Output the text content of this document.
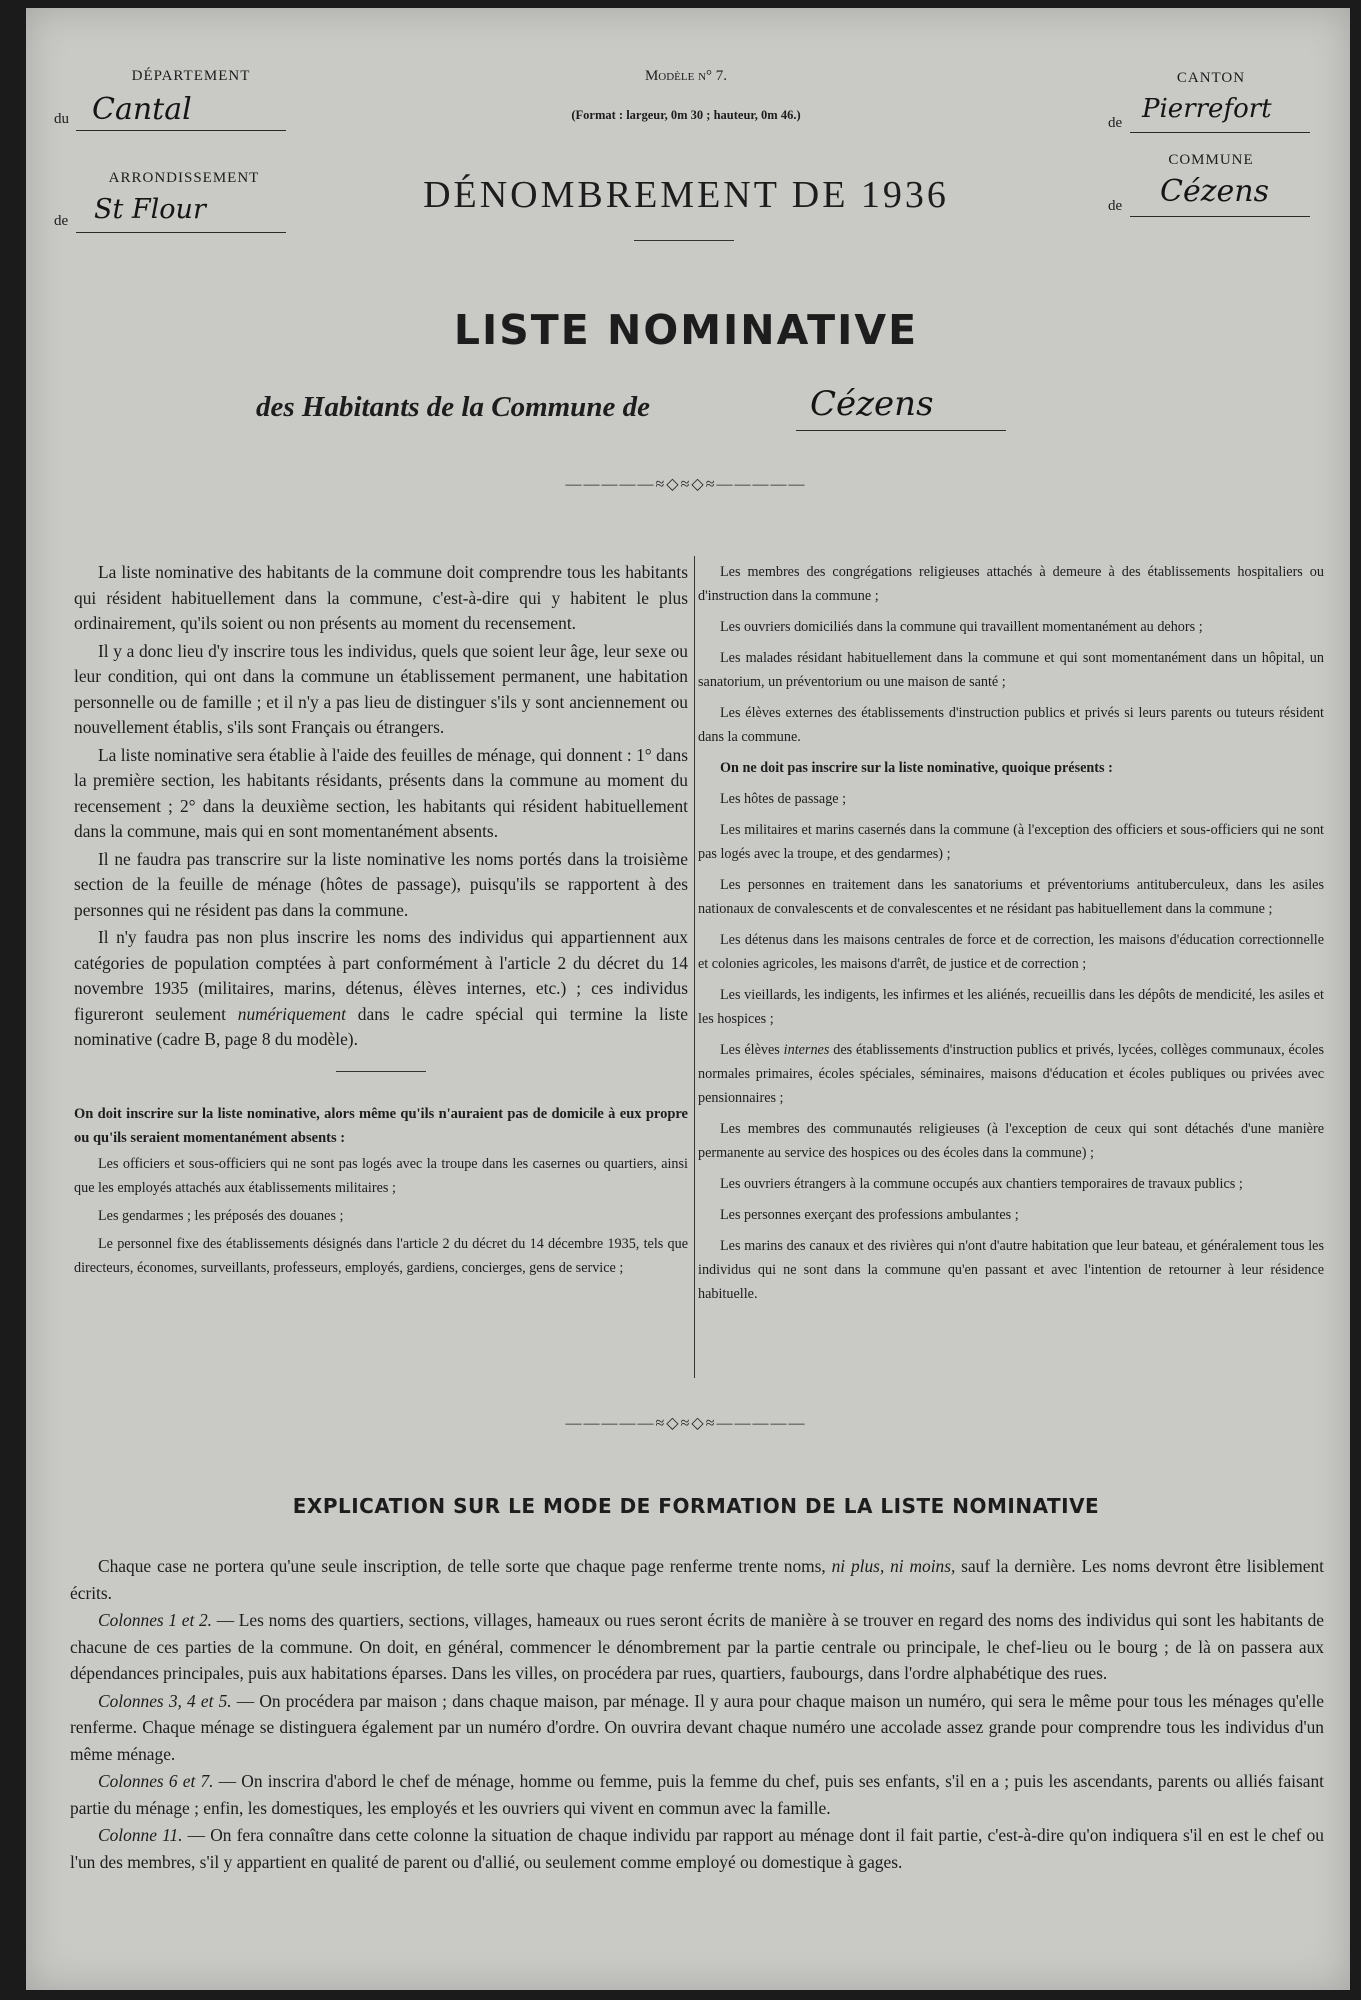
DÉPARTEMENT
du Cantal
ARRONDISSEMENT
de St Flour
Modèle n° 7.
(Format : largeur, 0m 30 ; hauteur, 0m 46.)
CANTON
de Pierrefort
COMMUNE
de Cézens
DÉNOMBREMENT DE 1936
LISTE NOMINATIVE
des Habitants de la Commune de	Cézens
—————≈◇≈◇≈—————

La liste nominative des habitants de la commune doit comprendre tous les habitants qui résident habituellement dans la commune, c'est-à-dire qui y habitent le plus ordinairement, qu'ils soient ou non présents au moment du recensement.

Il y a donc lieu d'y inscrire tous les individus, quels que soient leur âge, leur sexe ou leur condition, qui ont dans la commune un établissement permanent, une habitation personnelle ou de famille ; et il n'y a pas lieu de distinguer s'ils y sont anciennement ou nouvellement établis, s'ils sont Français ou étrangers.

La liste nominative sera établie à l'aide des feuilles de ménage, qui donnent : 1° dans la première section, les habitants résidants, présents dans la commune au moment du recensement ; 2° dans la deuxième section, les habitants qui résident habituellement dans la commune, mais qui en sont momentanément absents.

Il ne faudra pas transcrire sur la liste nominative les noms portés dans la troisième section de la feuille de ménage (hôtes de passage), puisqu'ils se rapportent à des personnes qui ne résident pas dans la commune.

Il n'y faudra pas non plus inscrire les noms des individus qui appartiennent aux catégories de population comptées à part conformément à l'article 2 du décret du 14 novembre 1935 (militaires, marins, détenus, élèves internes, etc.) ; ces individus figureront seulement numériquement dans le cadre spécial qui termine la liste nominative (cadre B, page 8 du modèle).

On doit inscrire sur la liste nominative, alors même qu'ils n'auraient pas de domicile à eux propre ou qu'ils seraient momentanément absents :

Les officiers et sous-officiers qui ne sont pas logés avec la troupe dans les casernes ou quartiers, ainsi que les employés attachés aux établissements militaires ;

Les gendarmes ; les préposés des douanes ;

Le personnel fixe des établissements désignés dans l'article 2 du décret du 14 décembre 1935, tels que directeurs, économes, surveillants, professeurs, employés, gardiens, concierges, gens de service ;

Les membres des congrégations religieuses attachés à demeure à des établissements hospitaliers ou d'instruction dans la commune ;

Les ouvriers domiciliés dans la commune qui travaillent momentanément au dehors ;

Les malades résidant habituellement dans la commune et qui sont momentanément dans un hôpital, un sanatorium, un préventorium ou une maison de santé ;

Les élèves externes des établissements d'instruction publics et privés si leurs parents ou tuteurs résident dans la commune.

On ne doit pas inscrire sur la liste nominative, quoique présents :

Les hôtes de passage ;

Les militaires et marins casernés dans la commune (à l'exception des officiers et sous-officiers qui ne sont pas logés avec la troupe, et des gendarmes) ;

Les personnes en traitement dans les sanatoriums et préventoriums antituberculeux, dans les asiles nationaux de convalescents et de convalescentes et ne résidant pas habituellement dans la commune ;

Les détenus dans les maisons centrales de force et de correction, les maisons d'éducation correctionnelle et colonies agricoles, les maisons d'arrêt, de justice et de correction ;

Les vieillards, les indigents, les infirmes et les aliénés, recueillis dans les dépôts de mendicité, les asiles et les hospices ;

Les élèves internes des établissements d'instruction publics et privés, lycées, collèges communaux, écoles normales primaires, écoles spéciales, séminaires, maisons d'éducation et écoles publiques ou privées avec pensionnaires ;

Les membres des communautés religieuses (à l'exception de ceux qui sont détachés d'une manière permanente au service des hospices ou des écoles dans la commune) ;

Les ouvriers étrangers à la commune occupés aux chantiers temporaires de travaux publics ;

Les personnes exerçant des professions ambulantes ;

Les marins des canaux et des rivières qui n'ont d'autre habitation que leur bateau, et généralement tous les individus qui ne sont dans la commune qu'en passant et avec l'intention de retourner à leur résidence habituelle.

—————≈◇≈◇≈—————
EXPLICATION SUR LE MODE DE FORMATION DE LA LISTE NOMINATIVE

Chaque case ne portera qu'une seule inscription, de telle sorte que chaque page renferme trente noms, ni plus, ni moins, sauf la dernière. Les noms devront être lisiblement écrits.

Colonnes 1 et 2. — Les noms des quartiers, sections, villages, hameaux ou rues seront écrits de manière à se trouver en regard des noms des individus qui sont les habitants de chacune de ces parties de la commune. On doit, en général, commencer le dénombrement par la partie centrale ou principale, le chef-lieu ou le bourg ; de là on passera aux dépendances principales, puis aux habitations éparses. Dans les villes, on procédera par rues, quartiers, faubourgs, dans l'ordre alphabétique des rues.

Colonnes 3, 4 et 5. — On procédera par maison ; dans chaque maison, par ménage. Il y aura pour chaque maison un numéro, qui sera le même pour tous les ménages qu'elle renferme. Chaque ménage se distinguera également par un numéro d'ordre. On ouvrira devant chaque numéro une accolade assez grande pour comprendre tous les individus d'un même ménage.

Colonnes 6 et 7. — On inscrira d'abord le chef de ménage, homme ou femme, puis la femme du chef, puis ses enfants, s'il en a ; puis les ascendants, parents ou alliés faisant partie du ménage ; enfin, les domestiques, les employés et les ouvriers qui vivent en commun avec la famille.

Colonne 11. — On fera connaître dans cette colonne la situation de chaque individu par rapport au ménage dont il fait partie, c'est-à-dire qu'on indiquera s'il en est le chef ou l'un des membres, s'il y appartient en qualité de parent ou d'allié, ou seulement comme employé ou domestique à gages.
